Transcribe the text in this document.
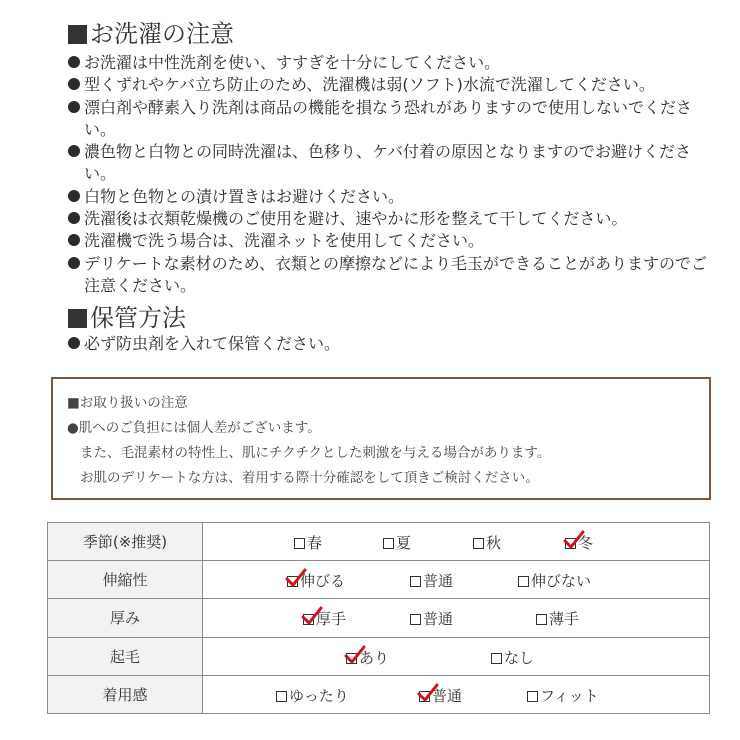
お洗濯の注意
お洗濯は中性洗剤を使い、すすぎを十分にしてください。
型くずれやケバ立ち防止のため、洗濯機は弱(ソフト)水流で洗濯してください。
漂白剤や酵素入り洗剤は商品の機能を損なう恐れがありますので使用しないでください。
濃色物と白物との同時洗濯は、色移り、ケバ付着の原因となりますのでお避けください。
白物と色物との漬け置きはお避けください。
洗濯後は衣類乾燥機のご使用を避け、速やかに形を整えて干してください。
洗濯機で洗う場合は、洗濯ネットを使用してください。
デリケートな素材のため、衣類との摩擦などにより毛玉ができることがありますのでご注意ください。
保管方法
必ず防虫剤を入れて保管ください。
■お取り扱いの注意
●肌へのご負担には個人差がございます。
また、毛混素材の特性上、肌にチクチクとした刺激を与える場合があります。
お肌のデリケートな方は、着用する際十分確認をして頂きご検討ください。
季節(※推奨)	春 夏 秋 冬

伸縮性	伸びる 普通 伸びない

厚み	厚手 普通 薄手

起毛	あり なし

着用感	ゆったり 普通 フィット
